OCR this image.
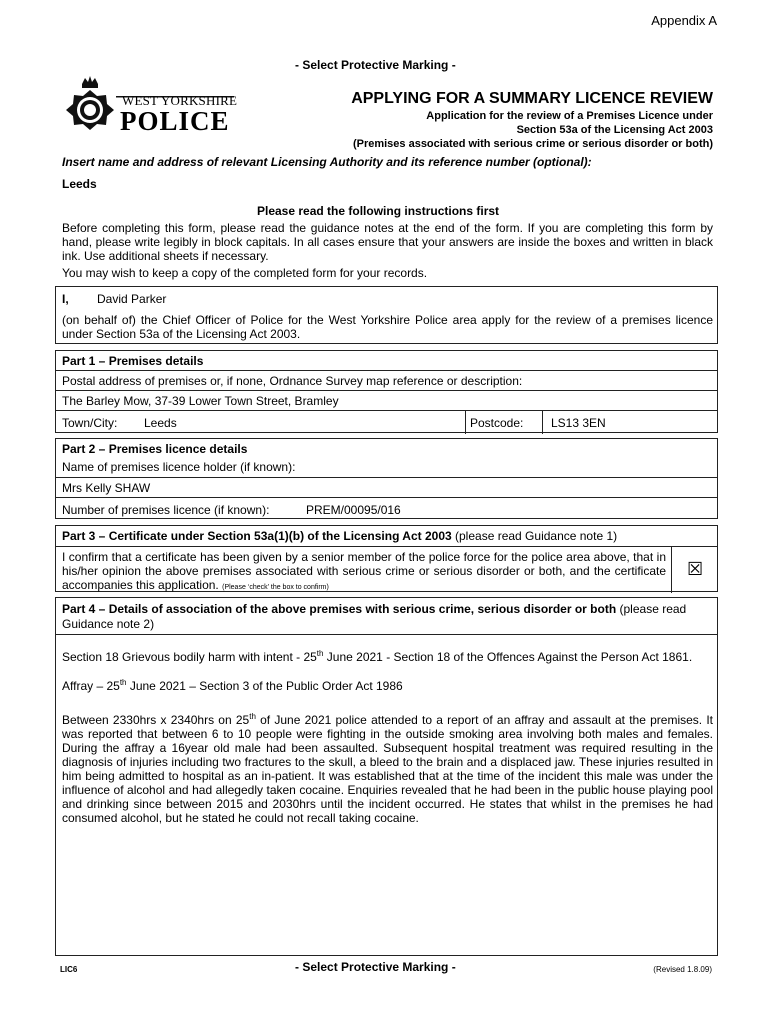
Appendix A
- Select Protective Marking -
WEST YORKSHIRE
POLICE
APPLYING FOR A SUMMARY LICENCE REVIEW
Application for the review of a Premises Licence under
Section 53a of the Licensing Act 2003
(Premises associated with serious crime or serious disorder or both)
Insert name and address of relevant Licensing Authority and its reference number (optional):
Leeds
Please read the following instructions first
Before completing this form, please read the guidance notes at the end of the form. If you are completing this form by hand, please write legibly in block capitals. In all cases ensure that your answers are inside the boxes and written in black ink. Use additional sheets if necessary.
You may wish to keep a copy of the completed form for your records.
I, David Parker
(on behalf of) the Chief Officer of Police for the West Yorkshire Police area apply for the review of a premises licence under Section 53a of the Licensing Act 2003.
Part 1 – Premises details
Postal address of premises or, if none, Ordnance Survey map reference or description:
The Barley Mow, 37-39 Lower Town Street, Bramley
Town/City: Leeds	Postcode: LS13 3EN
Part 2 – Premises licence details
Name of premises licence holder (if known):
Mrs Kelly SHAW
Number of premises licence (if known):	PREM/00095/016
Part 3 – Certificate under Section 53a(1)(b) of the Licensing Act 2003 (please read Guidance note 1)
I confirm that a certificate has been given by a senior member of the police force for the police area above, that in his/her opinion the above premises associated with serious crime or serious disorder or both, and the certificate accompanies this application. (Please ‘check’ the box to confirm)
☒
Part 4 – Details of association of the above premises with serious crime, serious disorder or both (please read Guidance note 2)
Section 18 Grievous bodily harm with intent - 25th June 2021 - Section 18 of the Offences Against the Person Act 1861.
Affray – 25th June 2021 – Section 3 of the Public Order Act 1986
Between 2330hrs x 2340hrs on 25th of June 2021 police attended to a report of an affray and assault at the premises. It was reported that between 6 to 10 people were fighting in the outside smoking area involving both males and females. During the affray a 16year old male had been assaulted. Subsequent hospital treatment was required resulting in the diagnosis of injuries including two fractures to the skull, a bleed to the brain and a displaced jaw. These injuries resulted in him being admitted to hospital as an in-patient. It was established that at the time of the incident this male was under the influence of alcohol and had allegedly taken cocaine. Enquiries revealed that he had been in the public house playing pool and drinking since between 2015 and 2030hrs until the incident occurred. He states that whilst in the premises he had consumed alcohol, but he stated he could not recall taking cocaine.
LIC6	- Select Protective Marking -	(Revised 1.8.09)
